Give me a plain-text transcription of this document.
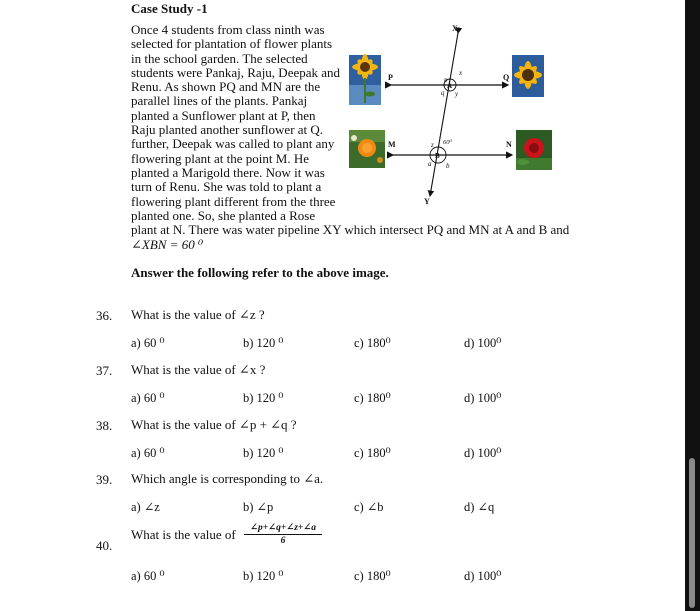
Case Study -1
Once 4 students from class ninth was
selected for plantation of flower plants
in the school garden. The selected
students were Pankaj, Raju, Deepak and
Renu. As shown PQ and MN are the
parallel lines of the plants. Pankaj
planted a Sunflower plant at P, then
Raju planted another sunflower at Q.
further, Deepak was called to plant any
flowering plant at the point M. He
planted a Marigold there. Now it was
turn of Renu. She was told to plant a
flowering plant different from the three
planted one. So, she planted a Rose
plant at N. There was water pipeline XY which intersect PQ and MN at A and B and
∠XBN = 60 ⁰
X
Y
P	Q
M	N
A
B
p
x
q y
z 60⁰
a b
Answer the following refer to the above image.
36. What is the value of ∠z ?
a) 60 ⁰	b) 120 ⁰	c) 180⁰	d) 100⁰
37. What is the value of ∠x ?
a) 60 ⁰	b) 120 ⁰	c) 180⁰	d) 100⁰
38. What is the value of ∠p + ∠q ?
a) 60 ⁰	b) 120 ⁰	c) 180⁰	d) 100⁰
39. Which angle is corresponding to ∠a.
a) ∠z	b) ∠p	c) ∠b	d) ∠q
40.
What is the value of $\frac{\angle p+\angle q+\angle z+\angle a}{6}$
a) 60 ⁰	b) 120 ⁰	c) 180⁰	d) 100⁰
